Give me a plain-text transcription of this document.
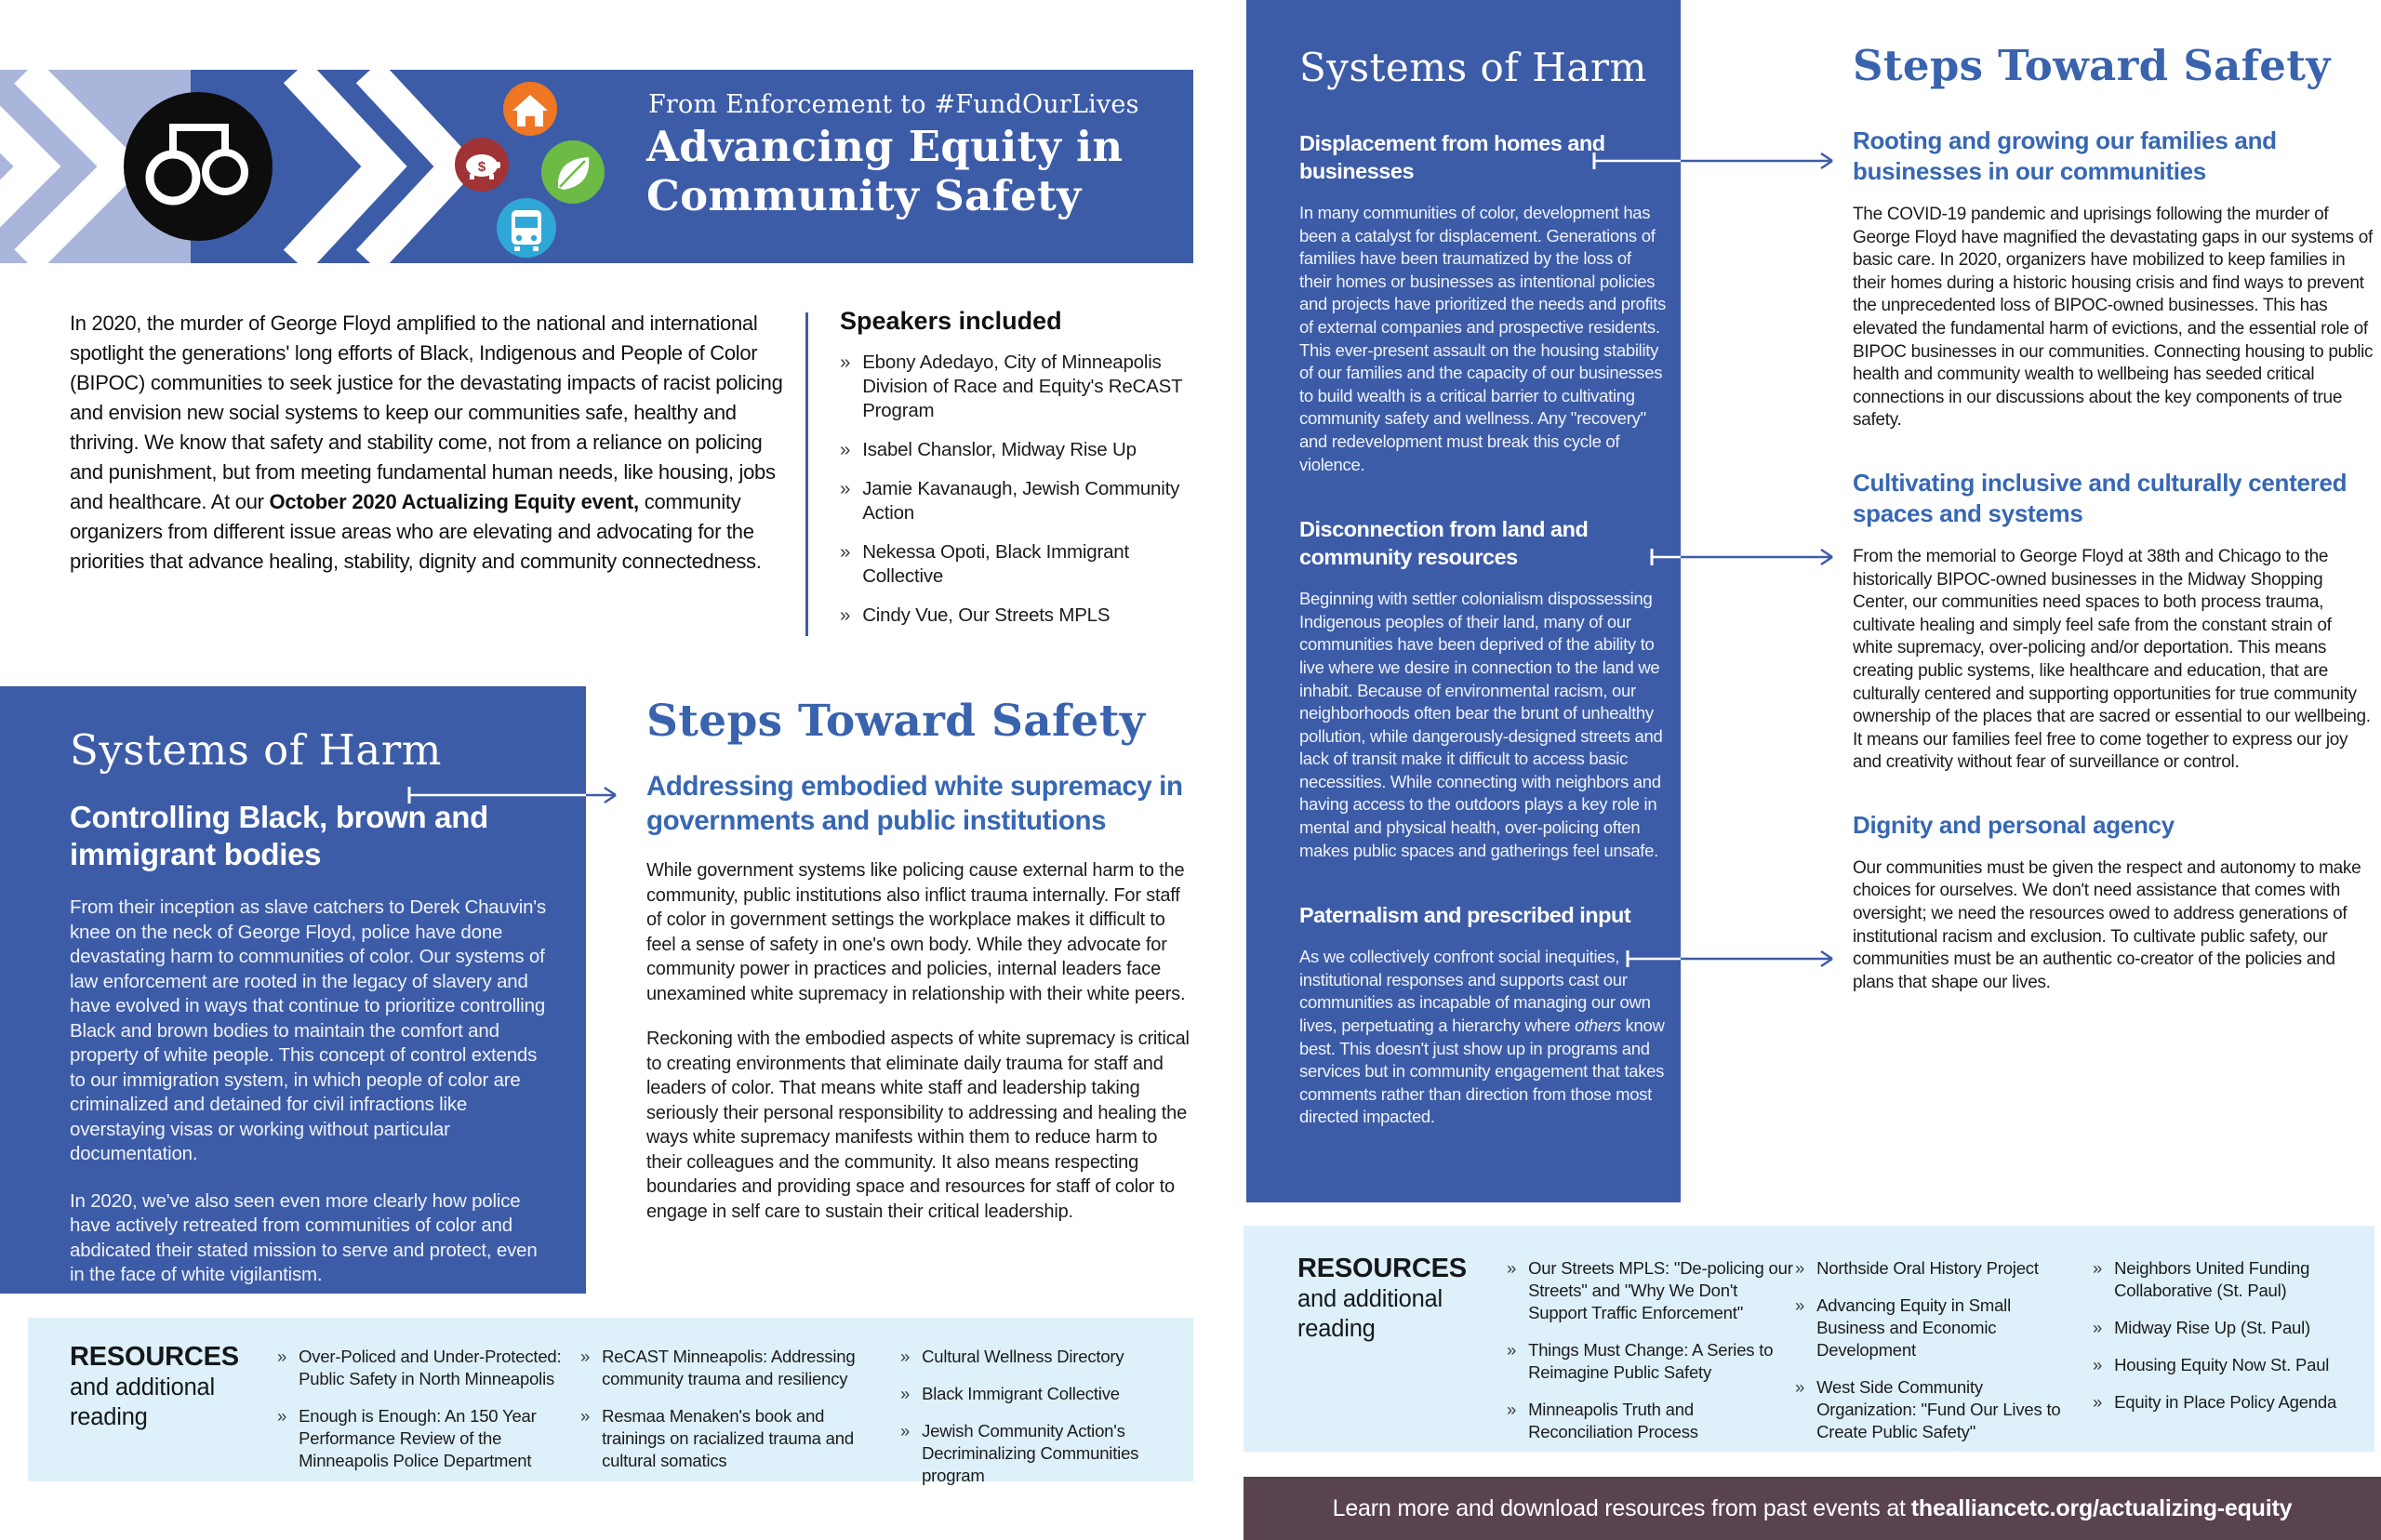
$
From Enforcement to #FundOurLives
Advancing Equity in
Community Safety

In 2020, the murder of George Floyd amplified to the national and international spotlight the generations' long efforts of Black, Indigenous and People of Color (BIPOC) communities to seek justice for the devastating impacts of racist policing and envision new social systems to keep our communities safe, healthy and thriving. We know that safety and stability come, not from a reliance on policing and punishment, but from meeting fundamental human needs, like housing, jobs and healthcare. At our October 2020 Actualizing Equity event, community organizers from different issue areas who are elevating and advocating for the priorities that advance healing, stability, dignity and community connectedness.

Speakers included
» Ebony Adedayo, City of Minneapolis Division of Race and Equity's ReCAST Program
» Isabel Chanslor, Midway Rise Up
» Jamie Kavanaugh, Jewish Community Action
» Nekessa Opoti, Black Immigrant Collective
» Cindy Vue, Our Streets MPLS
Systems of Harm
Controlling Black, brown and immigrant bodies

From their inception as slave catchers to Derek Chauvin's knee on the neck of George Floyd, police have done devastating harm to communities of color. Our systems of law enforcement are rooted in the legacy of slavery and have evolved in ways that continue to prioritize controlling Black and brown bodies to maintain the comfort and property of white people. This concept of control extends to our immigration system, in which people of color are criminalized and detained for civil infractions like overstaying visas or working without particular documentation.

In 2020, we've also seen even more clearly how police have actively retreated from communities of color and abdicated their stated mission to serve and protect, even in the face of white vigilantism.

Steps Toward Safety
Addressing embodied white supremacy in governments and public institutions

While government systems like policing cause external harm to the community, public institutions also inflict trauma internally. For staff of color in government settings the workplace makes it difficult to feel a sense of safety in one's own body. While they advocate for community power in practices and policies, internal leaders face unexamined white supremacy in relationship with their white peers.

Reckoning with the embodied aspects of white supremacy is critical to creating environments that eliminate daily trauma for staff and leaders of color. That means white staff and leadership taking seriously their personal responsibility to addressing and healing the ways white supremacy manifests within them to reduce harm to their colleagues and the community. It also means respecting boundaries and providing space and resources for staff of color to engage in self care to sustain their critical leadership.

RESOURCES
and additional reading
» Over-Policed and Under-Protected: Public Safety in North Minneapolis
» Enough is Enough: An 150 Year Performance Review of the Minneapolis Police Department
» ReCAST Minneapolis: Addressing community trauma and resiliency
» Resmaa Menaken's book and trainings on racialized trauma and cultural somatics
» Cultural Wellness Directory
» Black Immigrant Collective
» Jewish Community Action's Decriminalizing Communities program
Systems of Harm
Displacement from homes and businesses

In many communities of color, development has been a catalyst for displacement. Generations of families have been traumatized by the loss of their homes or businesses as intentional policies and projects have prioritized the needs and profits of external companies and prospective residents. This ever-present assault on the housing stability of our families and the capacity of our businesses to build wealth is a critical barrier to cultivating community safety and wellness. Any "recovery" and redevelopment must break this cycle of violence.

Disconnection from land and community resources

Beginning with settler colonialism dispossessing Indigenous peoples of their land, many of our communities have been deprived of the ability to live where we desire in connection to the land we inhabit. Because of environmental racism, our neighborhoods often bear the brunt of unhealthy pollution, while dangerously-designed streets and lack of transit make it difficult to access basic necessities. While connecting with neighbors and having access to the outdoors plays a key role in mental and physical health, over-policing often makes public spaces and gatherings feel unsafe.

Paternalism and prescribed input

As we collectively confront social inequities, institutional responses and supports cast our communities as incapable of managing our own lives, perpetuating a hierarchy where others know best. This doesn't just show up in programs and services but in community engagement that takes comments rather than direction from those most directed impacted.

Steps Toward Safety
Rooting and growing our families and businesses in our communities

The COVID-19 pandemic and uprisings following the murder of George Floyd have magnified the devastating gaps in our systems of basic care. In 2020, organizers have mobilized to keep families in their homes during a historic housing crisis and find ways to prevent the unprecedented loss of BIPOC-owned businesses. This has elevated the fundamental harm of evictions, and the essential role of BIPOC businesses in our communities. Connecting housing to public health and community wealth to wellbeing has seeded critical connections in our discussions about the key components of true safety.

Cultivating inclusive and culturally centered spaces and systems

From the memorial to George Floyd at 38th and Chicago to the historically BIPOC-owned businesses in the Midway Shopping Center, our communities need spaces to both process trauma, cultivate healing and simply feel safe from the constant strain of white supremacy, over-policing and/or deportation. This means creating public systems, like healthcare and education, that are culturally centered and supporting opportunities for true community ownership of the places that are sacred or essential to our wellbeing. It means our families feel free to come together to express our joy and creativity without fear of surveillance or control.

Dignity and personal agency

Our communities must be given the respect and autonomy to make choices for ourselves. We don't need assistance that comes with oversight; we need the resources owed to address generations of institutional racism and exclusion. To cultivate public safety, our communities must be an authentic co-creator of the policies and plans that shape our lives.

RESOURCES
and additional reading
» Our Streets MPLS: "De-policing our Streets" and "Why We Don't Support Traffic Enforcement"
» Things Must Change: A Series to Reimagine Public Safety
» Minneapolis Truth and Reconciliation Process
» Northside Oral History Project
» Advancing Equity in Small Business and Economic Development
» West Side Community Organization: "Fund Our Lives to Create Public Safety"
» Neighbors United Funding Collaborative (St. Paul)
» Midway Rise Up (St. Paul)
» Housing Equity Now St. Paul
» Equity in Place Policy Agenda
Learn more and download resources from past events at thealliancetc.org/actualizing-equity
